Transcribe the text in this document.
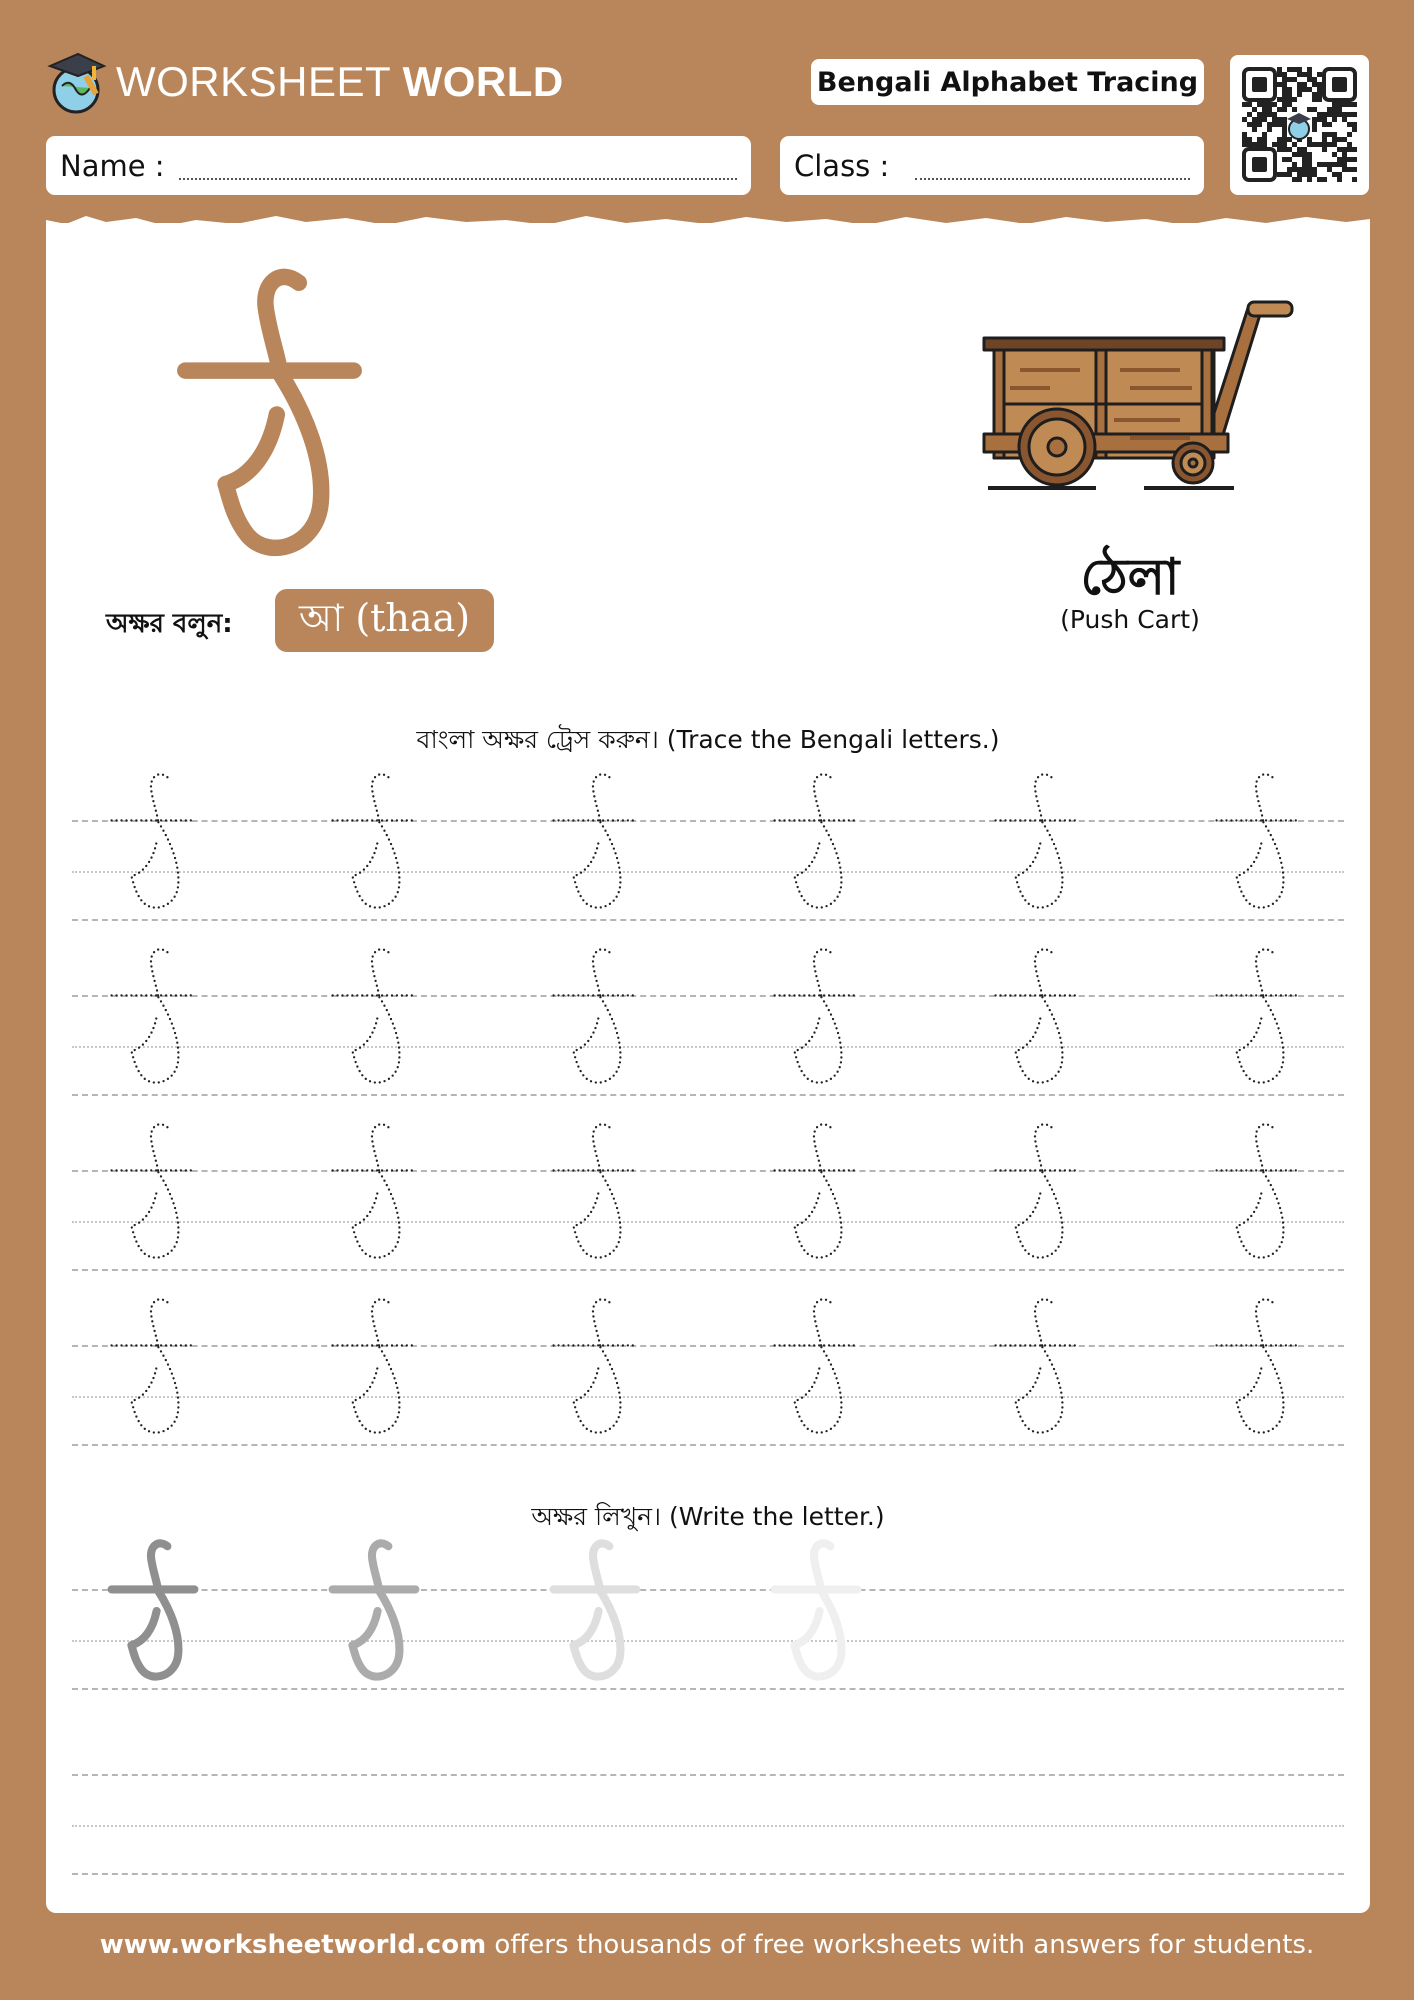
WORKSHEET WORLD	Bengali Alphabet Tracing
Name :	Class :
অক্ষর বলুন:	আ (thaa)
ঠেলা
(Push Cart)
বাংলা অক্ষর ট্রেস করুন। (Trace the Bengali letters.)
অক্ষর লিখুন। (Write the letter.)
www.worksheetworld.com offers thousands of free worksheets with answers for students.
